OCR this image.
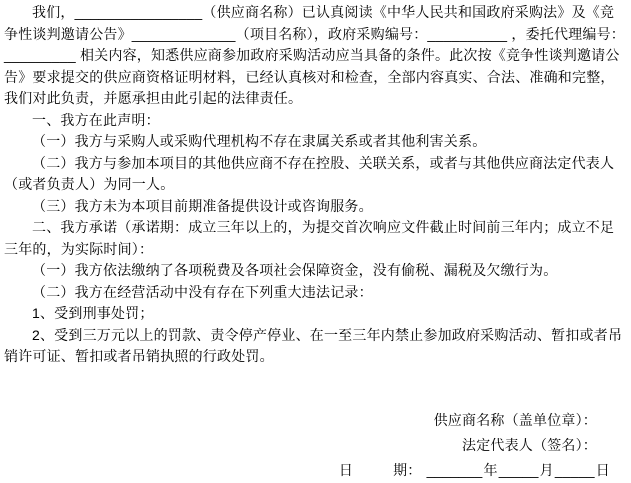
我们，________________（供应商名称）已认真阅读《中华人民共和国政府采购法》及《竞争性谈判邀请公告》_____________（项目名称），政府采购编号：__________ ，委托代理编号：_________ 相关内容，知悉供应商参加政府采购活动应当具备的条件。此次按《竞争性谈判邀请公告》要求提交的供应商资格证明材料，已经认真核对和检查，全部内容真实、合法、准确和完整，我们对此负责，并愿承担由此引起的法律责任。

一、我方在此声明：

（一）我方与采购人或采购代理机构不存在隶属关系或者其他利害关系。

（二）我方与参加本项目的其他供应商不存在控股、关联关系，或者与其他供应商法定代表人（或者负责人）为同一人。

（三）我方未为本项目前期准备提供设计或咨询服务。

二、我方承诺（承诺期：成立三年以上的，为提交首次响应文件截止时间前三年内；成立不足三年的，为实际时间）：

（一）我方依法缴纳了各项税费及各项社会保障资金，没有偷税、漏税及欠缴行为。

（二）我方在经营活动中没有存在下列重大违法记录：

1、受到刑事处罚；

2、受到三万元以上的罚款、责令停产停业、在一至三年内禁止参加政府采购活动、暂扣或者吊销许可证、暂扣或者吊销执照的行政处罚。

供应商名称（盖单位章）：
法定代表人（签名）：
日	期： _______年_____月_____日
